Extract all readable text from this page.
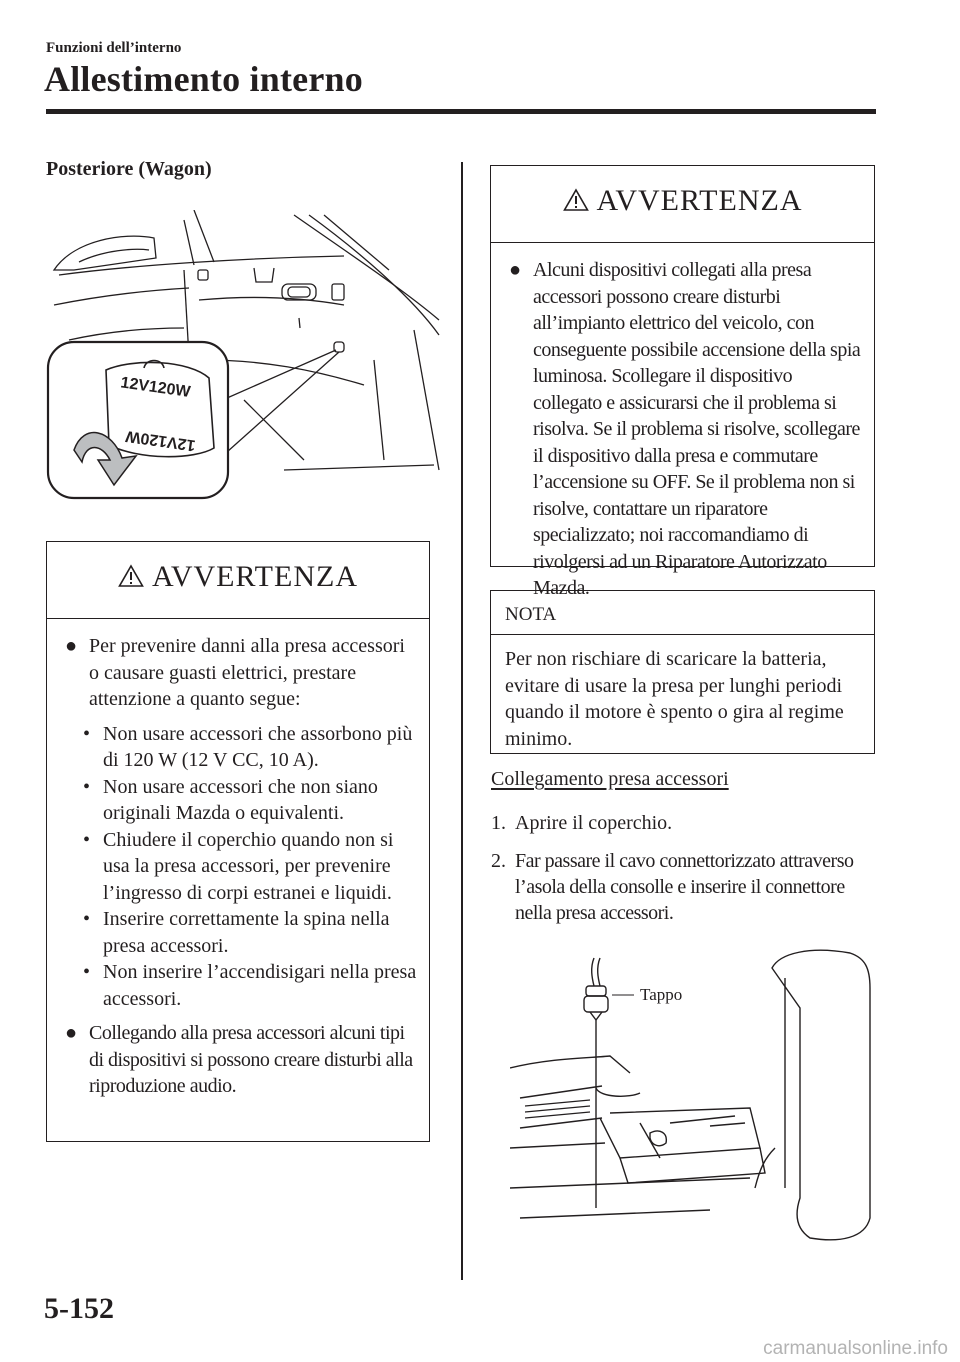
Funzioni dell’interno
Allestimento interno
Posteriore (Wagon)
12V120W
12V120W
AVVERTENZA
● Per prevenire danni alla presa accessori o causare guasti elettrici, prestare attenzione a quanto segue:
• Non usare accessori che assorbono più di 120 W (12 V CC, 10 A).
• Non usare accessori che non siano originali Mazda o equivalenti.
• Chiudere il coperchio quando non si usa la presa accessori, per prevenire l’ingresso di corpi estranei e liquidi.
• Inserire correttamente la spina nella presa accessori.
• Non inserire l’accendisigari nella presa accessori.
● Collegando alla presa accessori alcuni tipi di dispositivi si possono creare disturbi alla riproduzione audio.
AVVERTENZA
● Alcuni dispositivi collegati alla presa accessori possono creare disturbi all’impianto elettrico del veicolo, con conseguente possibile accensione della spia luminosa. Scollegare il dispositivo collegato e assicurarsi che il problema si risolva. Se il problema si risolve, scollegare il dispositivo dalla presa e commutare l’accensione su OFF. Se il problema non si risolve, contattare un riparatore specializzato; noi raccomandiamo di rivolgersi ad un Riparatore Autorizzato Mazda.
NOTA
Per non rischiare di scaricare la batteria, evitare di usare la presa per lunghi periodi quando il motore è spento o gira al regime minimo.
Collegamento presa accessori
1. Aprire il coperchio.
2. Far passare il cavo connettorizzato attraverso l’asola della consolle e inserire il connettore nella presa accessori.
Tappo
5-152
carmanualsonline.info
